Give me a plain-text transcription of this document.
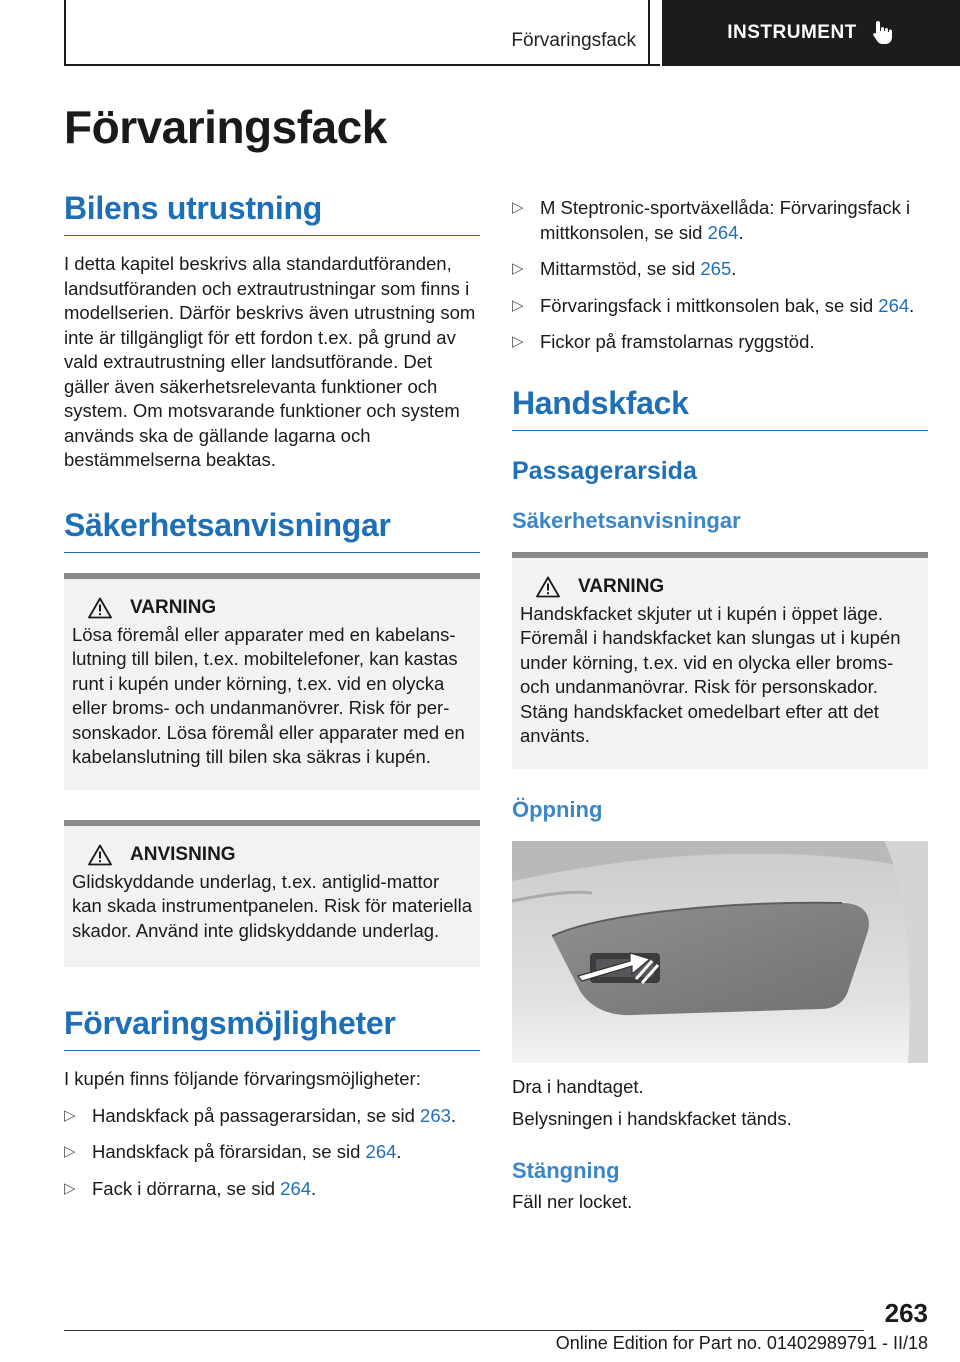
Förvaringsfack	INSTRUMENT
Förvaringsfack
Bilens utrustning

I detta kapitel beskrivs alla standardutföranden, landsutföranden och extrautrustningar som finns i modellserien. Därför beskrivs även utrustning som inte är tillgängligt för ett fordon t.ex. på grund av vald extrautrustning eller landsutförande. Det gäller även säkerhetsrelevanta funktioner och system. Om motsvarande funktioner och system används ska de gällande lagarna och bestämmelserna beaktas.

Säkerhetsanvisningar
VARNING

Lösa föremål eller apparater med en kabelanslutning till bilen, t.ex. mobiltelefoner, kan kastas runt i kupén under körning, t.ex. vid en olycka eller broms- och undanmanövrer. Risk för personskador. Lösa föremål eller apparater med en kabelanslutning till bilen ska säkras i kupén.

ANVISNING

Glidskyddande underlag, t.ex. antiglid-mattor kan skada instrumentpanelen. Risk för materiella skador. Använd inte glidskyddande underlag.

Förvaringsmöjligheter

I kupén finns följande förvaringsmöjligheter:

▷ Handskfack på passagerarsidan, se sid 263.
▷ Handskfack på förarsidan, se sid 264.
▷ Fack i dörrarna, se sid 264.
▷ M Steptronic-sportväxellåda: Förvaringsfack i mittkonsolen, se sid 264.
▷ Mittarmstöd, se sid 265.
▷ Förvaringsfack i mittkonsolen bak, se sid 264.
▷ Fickor på framstolarnas ryggstöd.
Handskfack
Passagerarsida
Säkerhetsanvisningar
VARNING

Handskfacket skjuter ut i kupén i öppet läge. Föremål i handskfacket kan slungas ut i kupén under körning, t.ex. vid en olycka eller broms- och undanmanövrar. Risk för personskador. Stäng handskfacket omedelbart efter att det använts.

Öppning

Dra i handtaget.

Belysningen i handskfacket tänds.

Stängning

Fäll ner locket.

263
Online Edition for Part no. 01402989791 - II/18
